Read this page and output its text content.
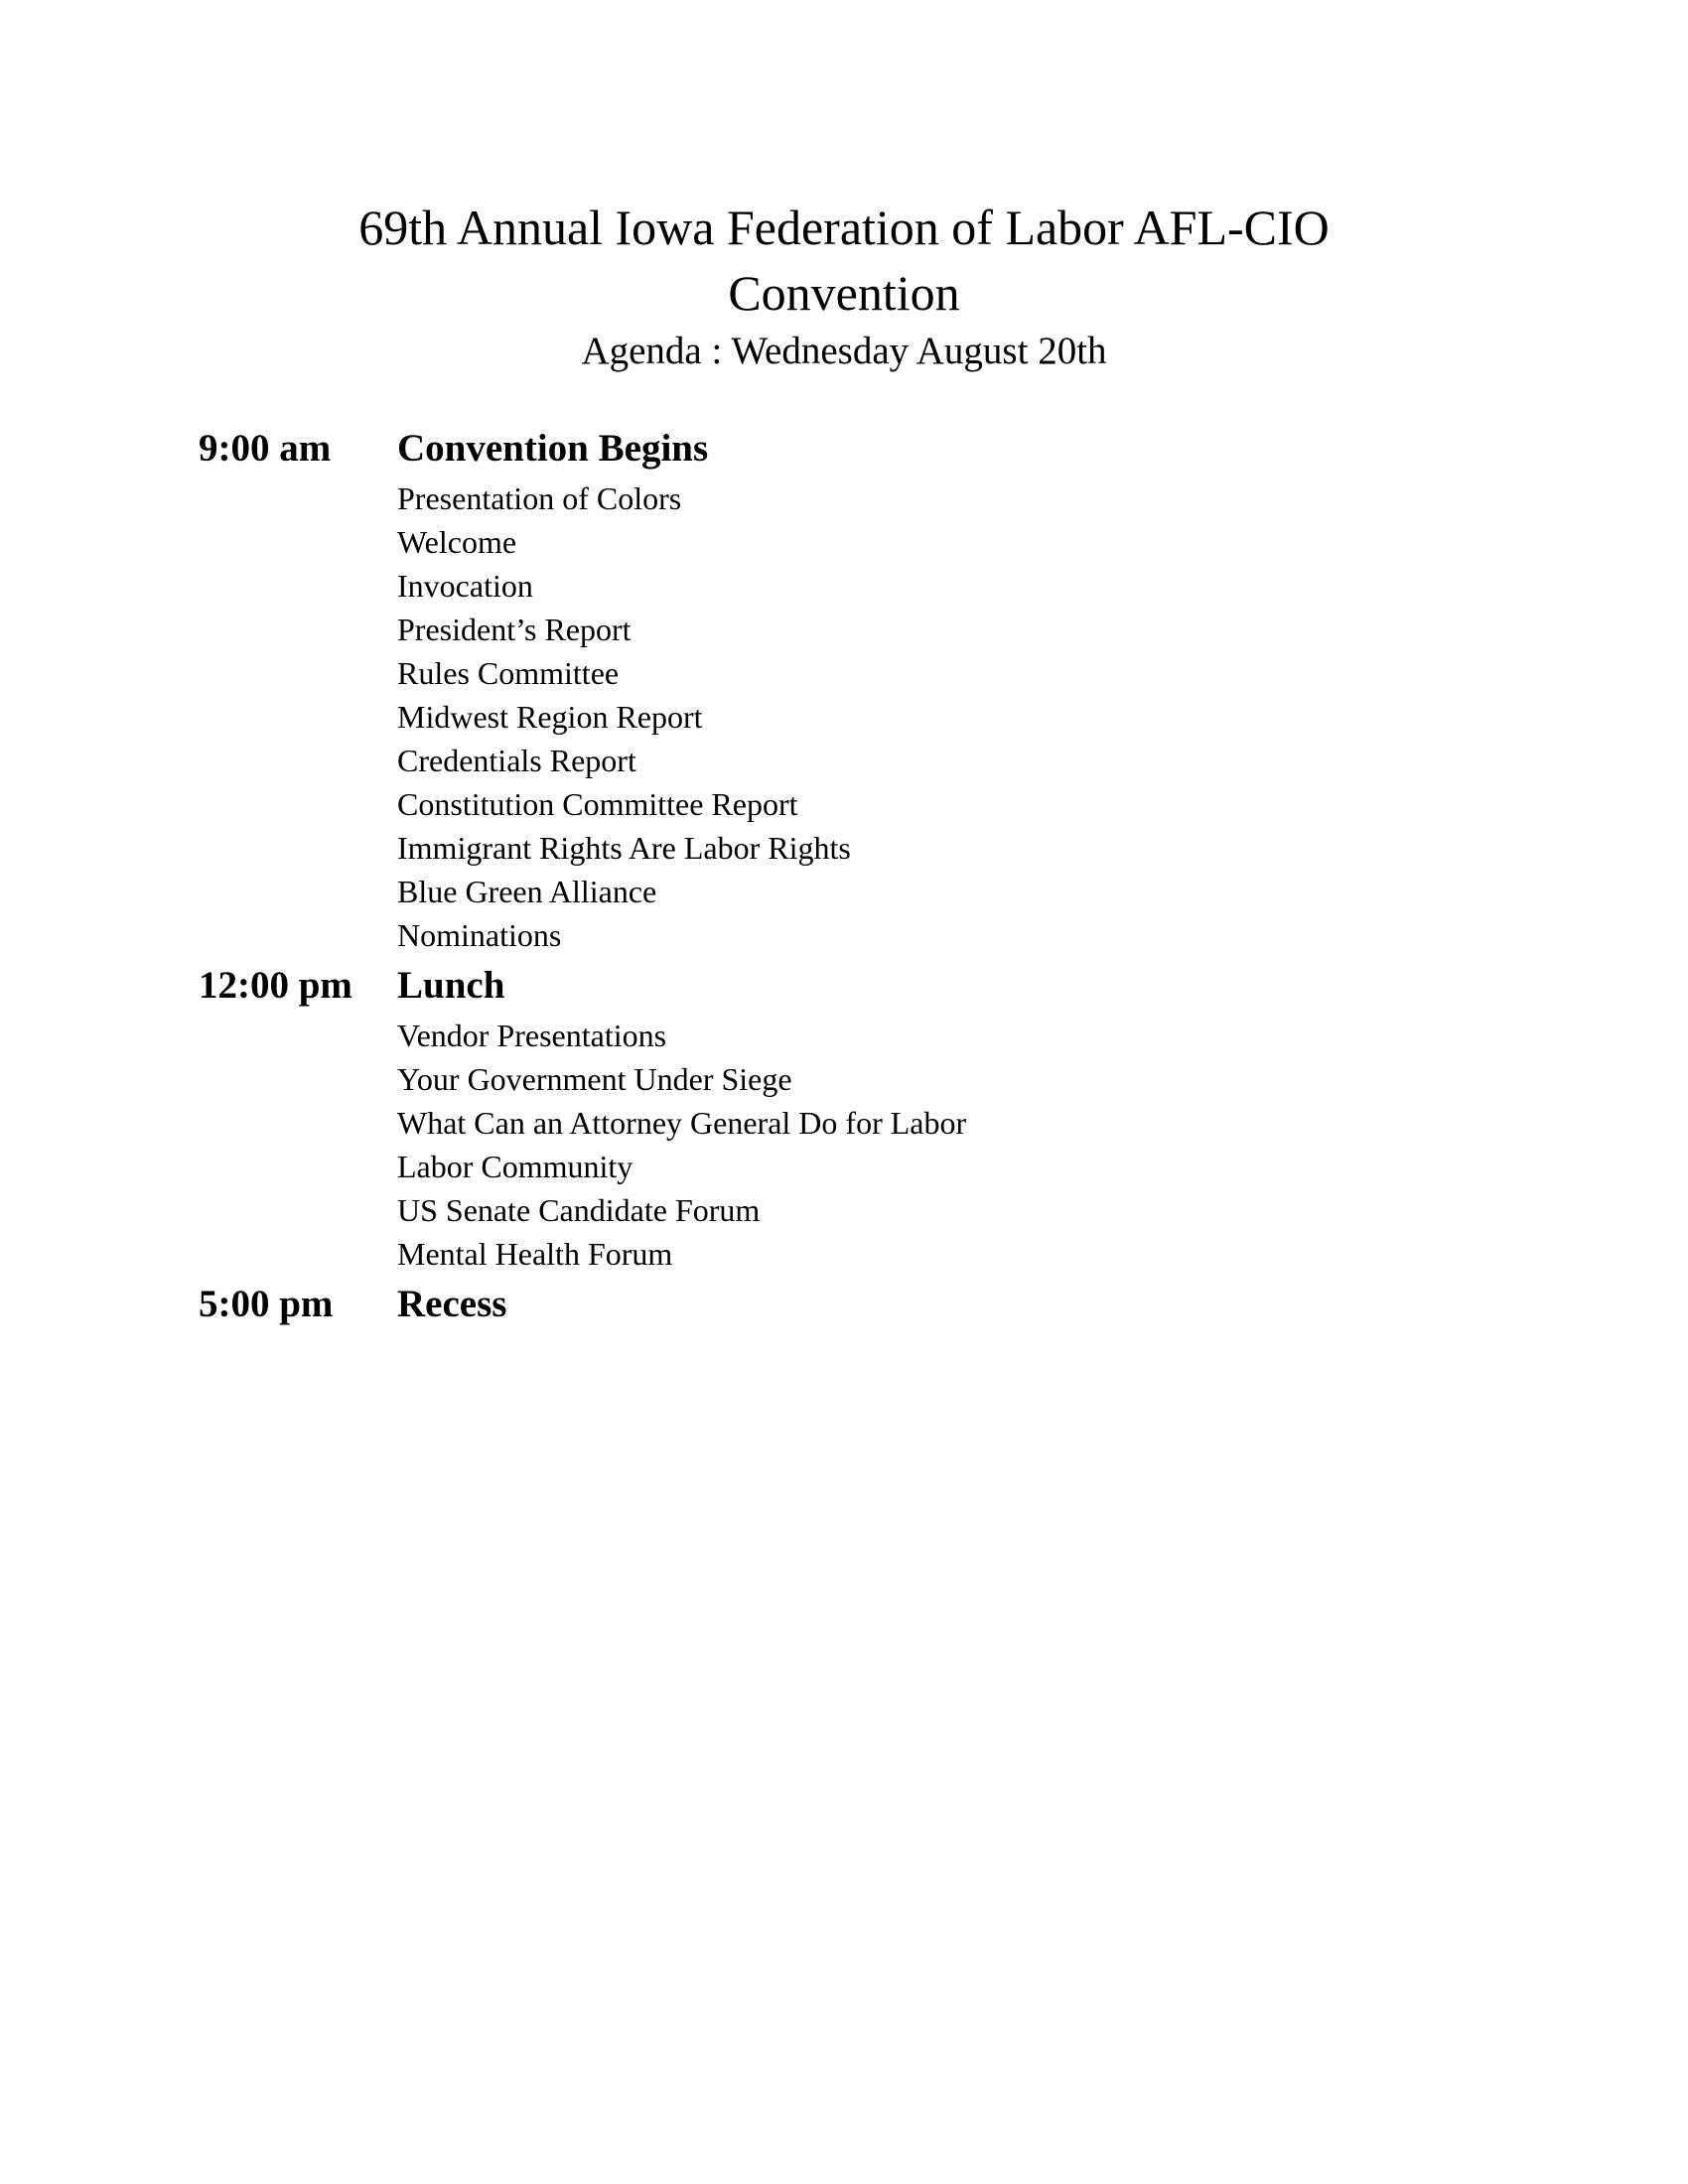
69th Annual Iowa Federation of Labor AFL-CIO
Convention
Agenda : Wednesday August 20th
9:00 am	Convention Begins
Presentation of Colors
Welcome
Invocation
President’s Report
Rules Committee
Midwest Region Report
Credentials Report
Constitution Committee Report
Immigrant Rights Are Labor Rights
Blue Green Alliance
Nominations
12:00 pm	Lunch
Vendor Presentations
Your Government Under Siege
What Can an Attorney General Do for Labor
Labor Community
US Senate Candidate Forum
Mental Health Forum
5:00 pm	Recess
